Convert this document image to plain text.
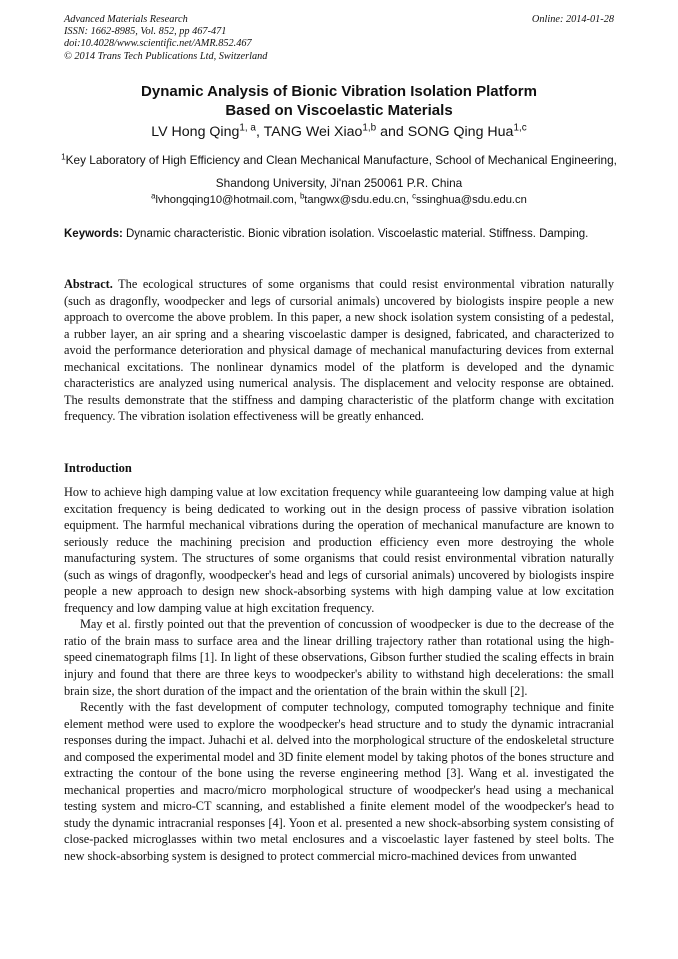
Advanced Materials Research
ISSN: 1662-8985, Vol. 852, pp 467-471
doi:10.4028/www.scientific.net/AMR.852.467
© 2014 Trans Tech Publications Ltd, Switzerland
Online: 2014-01-28
Dynamic Analysis of Bionic Vibration Isolation Platform
Based on Viscoelastic Materials
LV Hong Qing$^{1, a}$, TANG Wei Xiao$^{1,b}$ and SONG Qing Hua$^{1,c}$
$^1$Key Laboratory of High Efficiency and Clean Mechanical Manufacture, School of Mechanical Engineering, Shandong University, Ji'nan 250061 P.R. China
$^a$lvhongqing10@hotmail.com, $^b$tangwx@sdu.edu.cn, $^c$ssinghua@sdu.edu.cn
Keywords: Dynamic characteristic. Bionic vibration isolation. Viscoelastic material. Stiffness. Damping.
Abstract. The ecological structures of some organisms that could resist environmental vibration naturally (such as dragonfly, woodpecker and legs of cursorial animals) uncovered by biologists inspire people a new approach to overcome the above problem. In this paper, a new shock isolation system consisting of a pedestal, a rubber layer, an air spring and a shearing viscoelastic damper is designed, fabricated, and characterized to avoid the performance deterioration and physical damage of mechanical manufacturing devices from external mechanical excitations. The nonlinear dynamics model of the platform is developed and the dynamic characteristics are analyzed using numerical analysis. The displacement and velocity response are obtained. The results demonstrate that the stiffness and damping characteristic of the platform change with excitation frequency. The vibration isolation effectiveness will be greatly enhanced.
Introduction

How to achieve high damping value at low excitation frequency while guaranteeing low damping value at high excitation frequency is being dedicated to working out in the design process of passive vibration isolation equipment. The harmful mechanical vibrations during the operation of mechanical manufacture are known to seriously reduce the machining precision and production efficiency even more destroying the whole manufacturing system. The structures of some organisms that could resist environmental vibration naturally (such as wings of dragonfly, woodpecker's head and legs of cursorial animals) uncovered by biologists inspire people a new approach to design new shock-absorbing systems with high damping value at low excitation frequency and low damping value at high excitation frequency.

May et al. firstly pointed out that the prevention of concussion of woodpecker is due to the decrease of the ratio of the brain mass to surface area and the linear drilling trajectory rather than rotational using the high-speed cinematograph films [1]. In light of these observations, Gibson further studied the scaling effects in brain injury and found that there are three keys to woodpecker's ability to withstand high decelerations: the small brain size, the short duration of the impact and the orientation of the brain within the skull [2].

Recently with the fast development of computer technology, computed tomography technique and finite element method were used to explore the woodpecker's head structure and to study the dynamic intracranial responses during the impact. Juhachi et al. delved into the morphological structure of the endoskeletal structure and composed the experimental model and 3D finite element model by taking photos of the bones structure and extracting the contour of the bone using the reverse engineering method [3]. Wang et al. investigated the mechanical properties and macro/micro morphological structure of woodpecker's head using a mechanical testing system and micro-CT scanning, and established a finite element model of the woodpecker's head to study the dynamic intracranial responses [4]. Yoon et al. presented a new shock-absorbing system consisting of close-packed microglasses within two metal enclosures and a viscoelastic layer fastened by steel bolts. The new shock-absorbing system is designed to protect commercial micro-machined devices from unwanted
